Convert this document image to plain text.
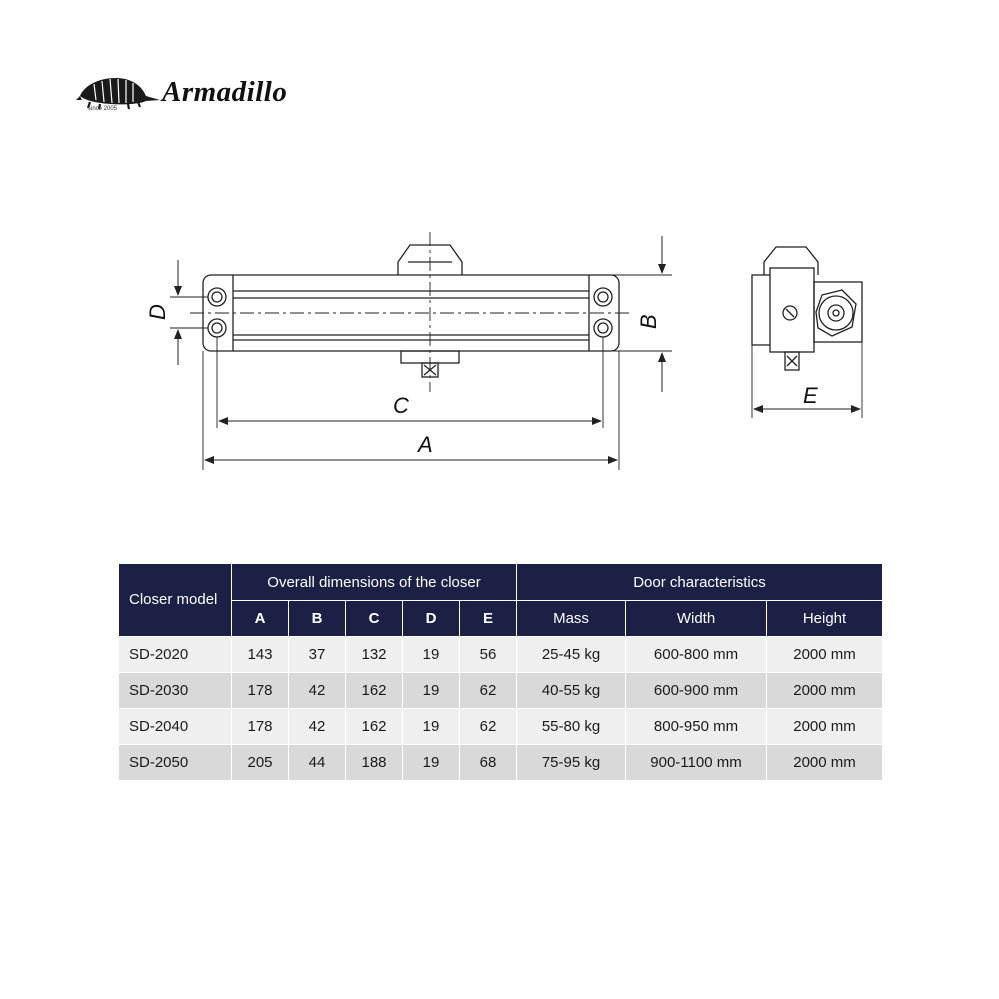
since 2005
Armadillo
A
C
D
B
E
Closer model	Overall dimensions of the closer					Door characteristics		
	A	B	C	D	E	Mass	Width	Height
SD-2020	143	37	132	19	56	25-45 kg	600-800 mm	2000 mm
SD-2030	178	42	162	19	62	40-55 kg	600-900 mm	2000 mm
SD-2040	178	42	162	19	62	55-80 kg	800-950 mm	2000 mm
SD-2050	205	44	188	19	68	75-95 kg	900-1100 mm	2000 mm
